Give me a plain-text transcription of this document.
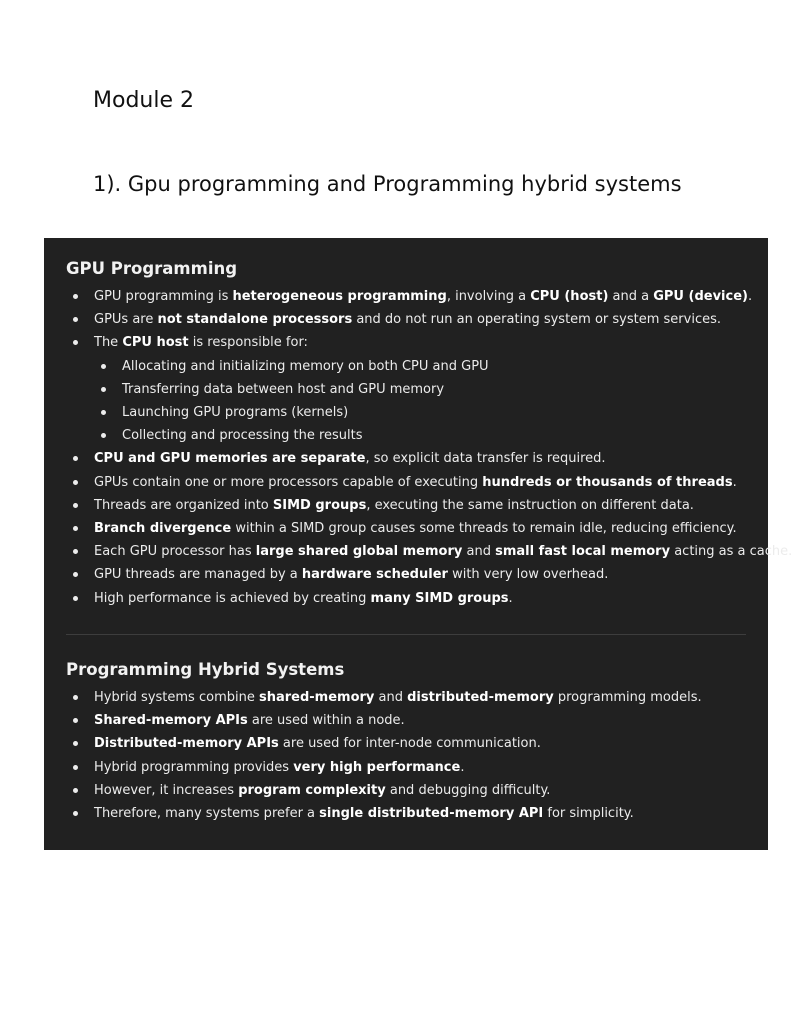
Module 2
1). Gpu programming and Programming hybrid systems
GPU Programming
GPU programming is heterogeneous programming, involving a CPU (host) and a GPU (device).
GPUs are not standalone processors and do not run an operating system or system services.
The CPU host is responsible for:
Allocating and initializing memory on both CPU and GPU
Transferring data between host and GPU memory
Launching GPU programs (kernels)
Collecting and processing the results
CPU and GPU memories are separate, so explicit data transfer is required.
GPUs contain one or more processors capable of executing hundreds or thousands of threads.
Threads are organized into SIMD groups, executing the same instruction on different data.
Branch divergence within a SIMD group causes some threads to remain idle, reducing efficiency.
Each GPU processor has large shared global memory and small fast local memory acting as a cache.
GPU threads are managed by a hardware scheduler with very low overhead.
High performance is achieved by creating many SIMD groups.
Programming Hybrid Systems
Hybrid systems combine shared-memory and distributed-memory programming models.
Shared-memory APIs are used within a node.
Distributed-memory APIs are used for inter-node communication.
Hybrid programming provides very high performance.
However, it increases program complexity and debugging difficulty.
Therefore, many systems prefer a single distributed-memory API for simplicity.
